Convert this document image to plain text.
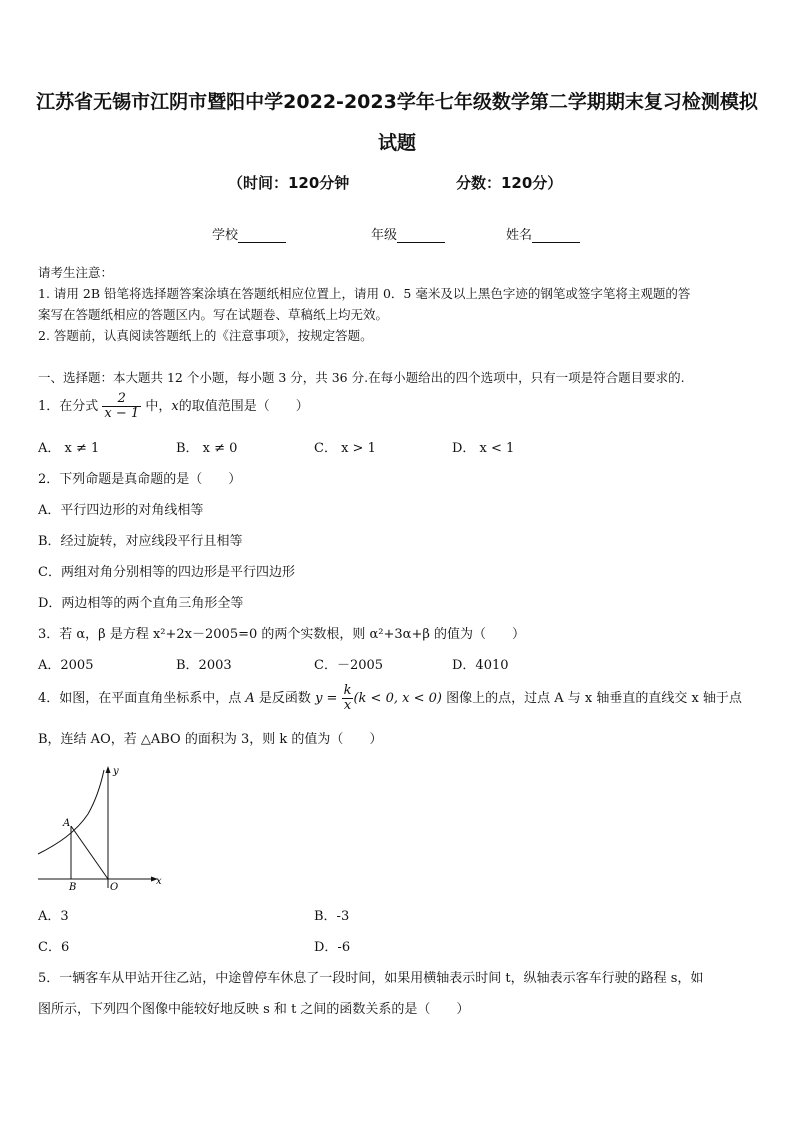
江苏省无锡市江阴市暨阳中学2022-2023学年七年级数学第二学期期末复习检测模拟
试题
（时间：120分钟	分数：120分）
学校	年级	姓名
请考生注意：
1. 请用 2B 铅笔将选择题答案涂填在答题纸相应位置上，请用 0．5 毫米及以上黑色字迹的钢笔或签字笔将主观题的答
案写在答题纸相应的答题区内。写在试题卷、草稿纸上均无效。
2. 答题前，认真阅读答题纸上的《注意事项》，按规定答题。
一、选择题：本大题共 12 个小题，每小题 3 分，共 36 分.在每小题给出的四个选项中，只有一项是符合题目要求的.
1．在分式 $\frac{2}{x - 1}$ 中，x的取值范围是（　　）
A． x ≠ 1	B． x ≠ 0	C． x > 1	D． x < 1
2．下列命题是真命题的是（　　）
A．平行四边形的对角线相等
B．经过旋转，对应线段平行且相等
C．两组对角分别相等的四边形是平行四边形
D．两边相等的两个直角三角形全等
3．若 α，β 是方程 x²+2x－2005=0 的两个实数根，则 α²+3α+β 的值为（　　）
A．2005	B．2003	C．－2005	D．4010
4．如图，在平面直角坐标系中，点 A 是反函数 $y = \frac{k}{x} (k < 0$, x < 0) 图像上的点，过点 A 与 x 轴垂直的直线交 x 轴于点
B，连结 AO，若 △ABO 的面积为 3，则 k 的值为（　　）
y
x
A
B	O
A．3	B．-3
C．6	D．-6
5．一辆客车从甲站开往乙站，中途曾停车休息了一段时间，如果用横轴表示时间 t，纵轴表示客车行驶的路程 s，如
图所示，下列四个图像中能较好地反映 s 和 t 之间的函数关系的是（　　）
